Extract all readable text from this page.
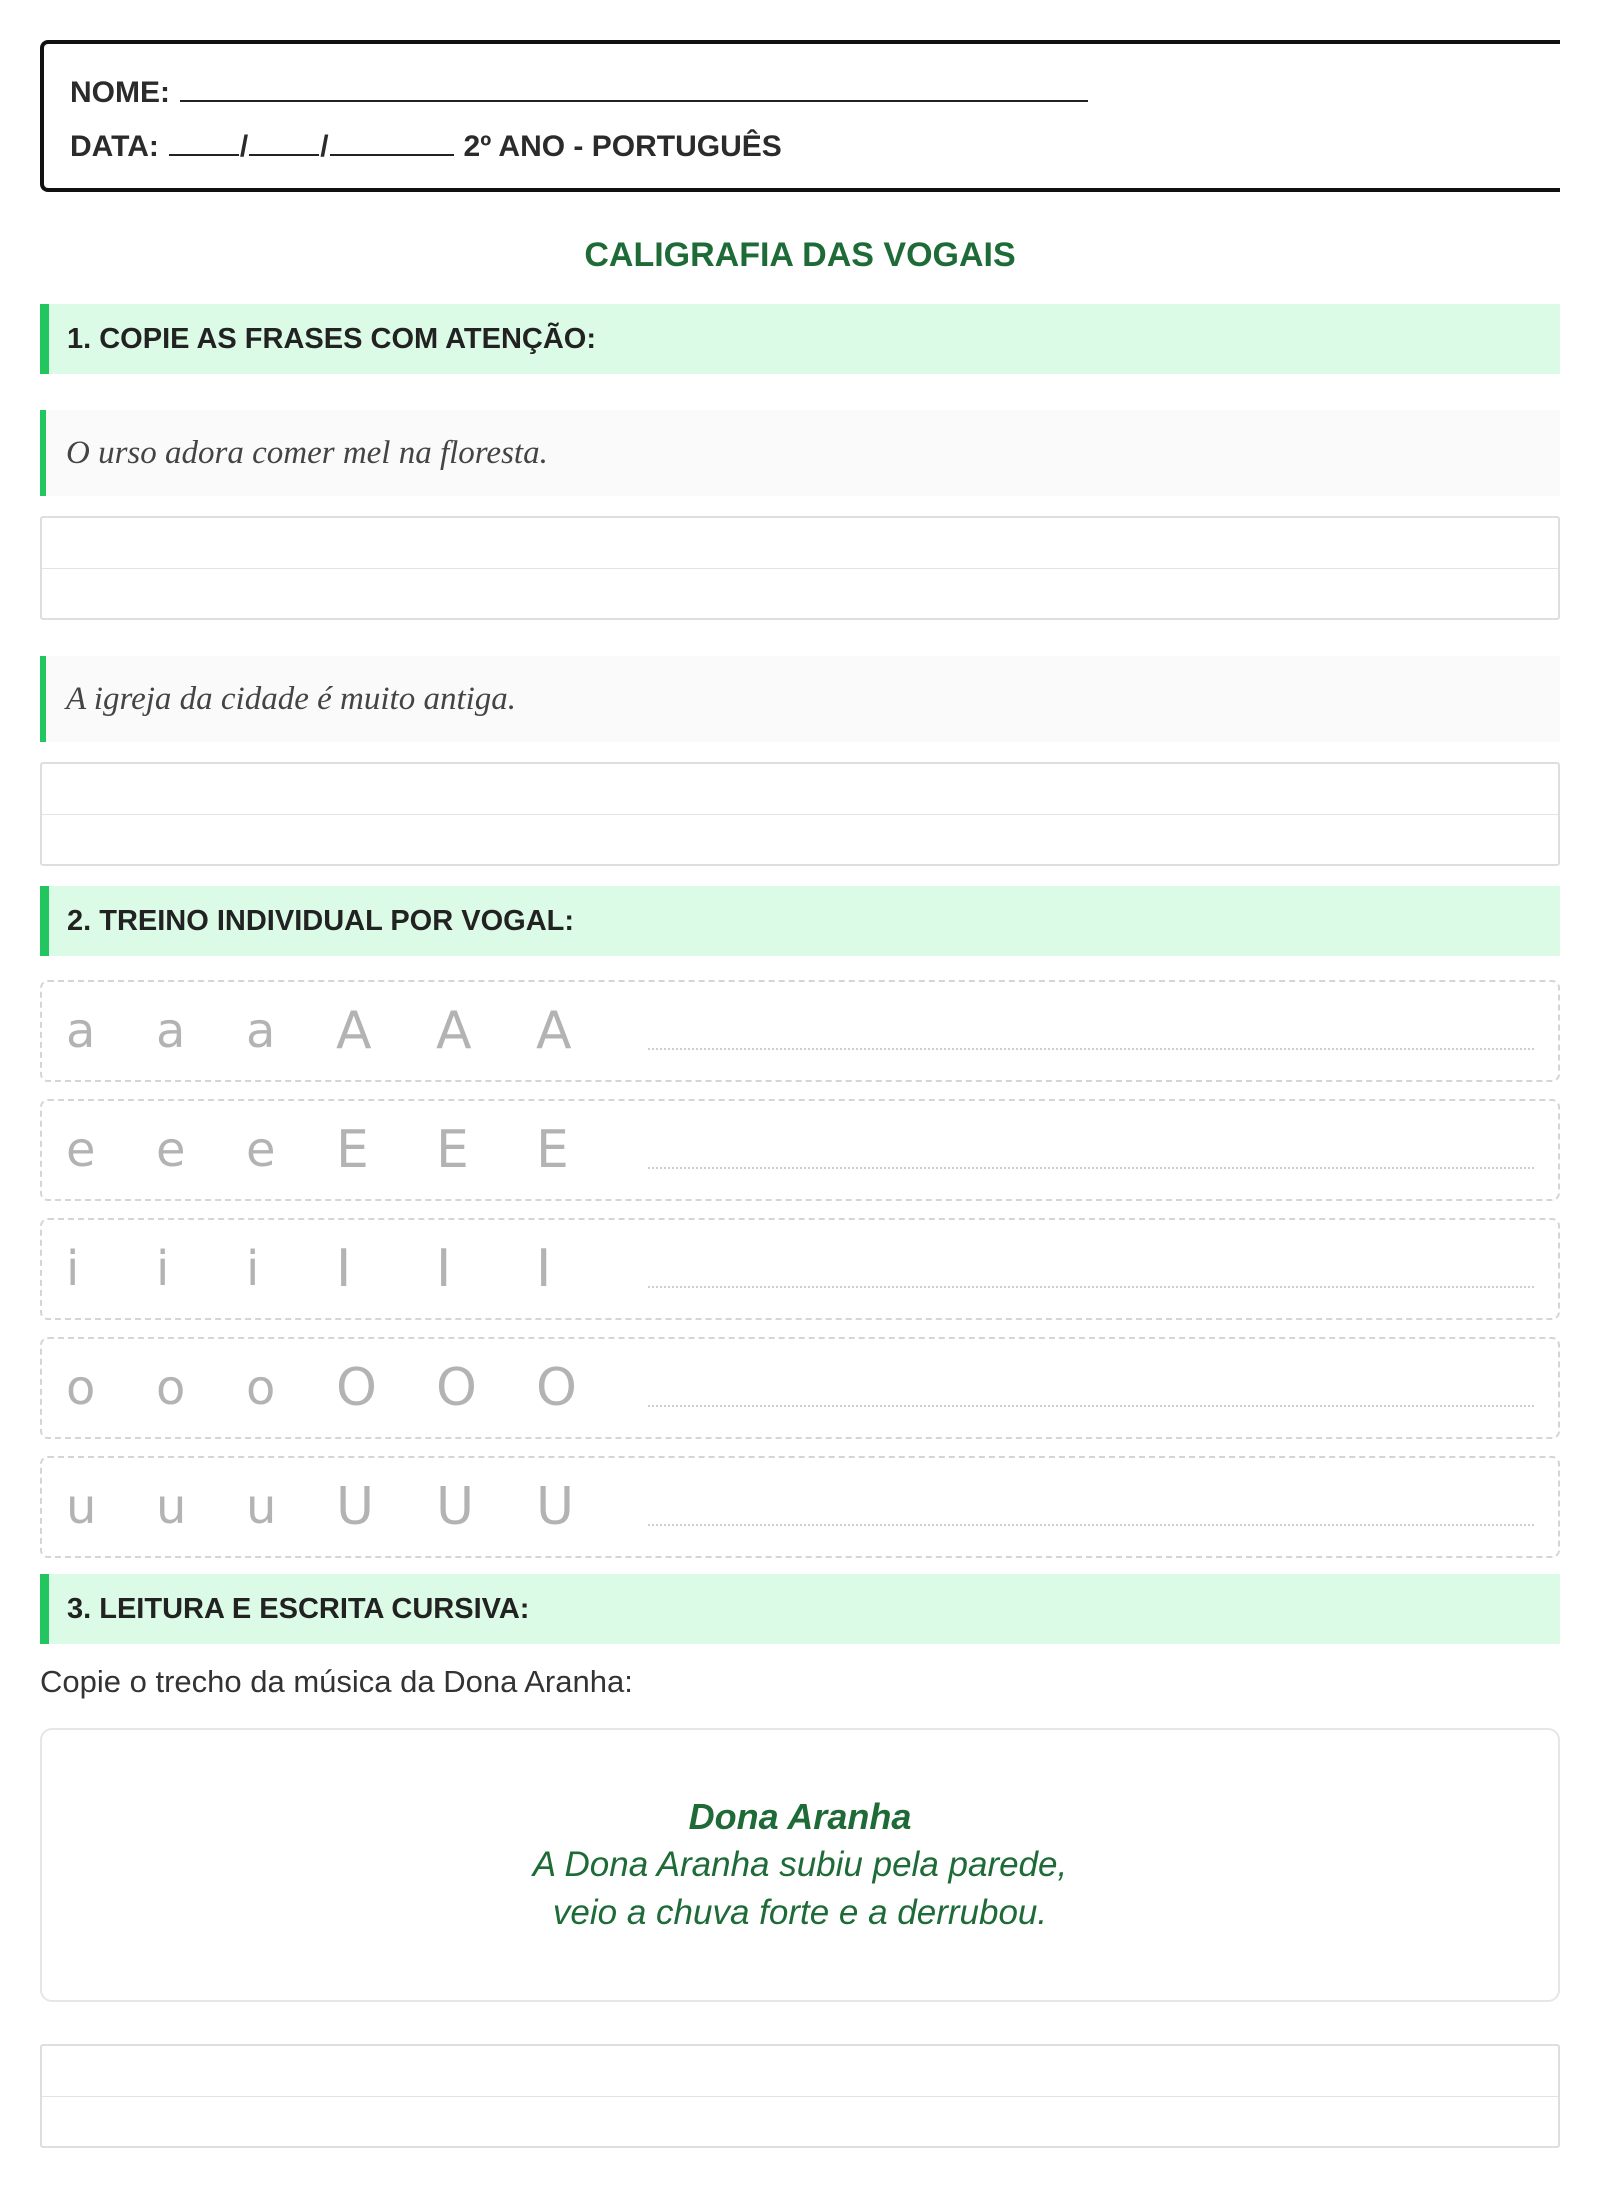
NOME:
DATA:	/ /	2º ANO - PORTUGUÊS
CALIGRAFIA DAS VOGAIS
1. COPIE AS FRASES COM ATENÇÃO:
O urso adora comer mel na floresta.
A igreja da cidade é muito antiga.
2. TREINO INDIVIDUAL POR VOGAL:
a	a	a	A	A	A
e	e	e	E	E	E
i	i	i	I	I	I
o	o	o	O	O	O
u	u	u	U	U	U
3. LEITURA E ESCRITA CURSIVA:
Copie o trecho da música da Dona Aranha:
Dona Aranha
A Dona Aranha subiu pela parede,
veio a chuva forte e a derrubou.
